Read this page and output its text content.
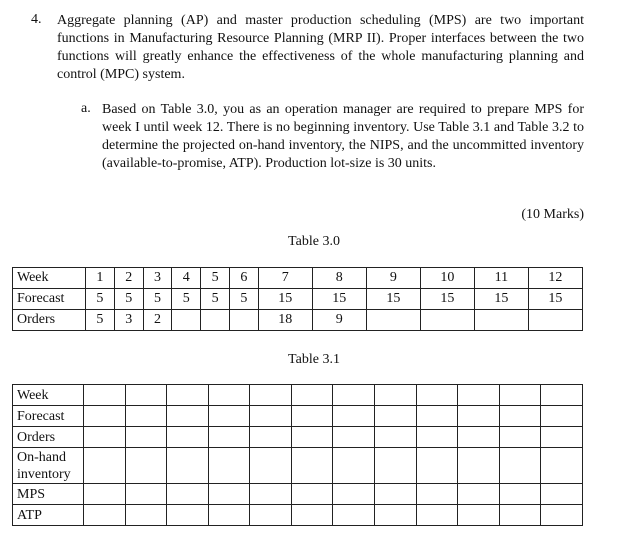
4. Aggregate planning (AP) and master production scheduling (MPS) are two important functions in Manufacturing Resource Planning (MRP II). Proper interfaces between the two functions will greatly enhance the effectiveness of the whole manufacturing planning and control (MPC) system.
a. Based on Table 3.0, you as an operation manager are required to prepare MPS for week I until week 12. There is no beginning inventory. Use Table 3.1 and Table 3.2 to determine the projected on-hand inventory, the NIPS, and the uncommitted inventory (available-to-promise, ATP). Production lot-size is 30 units.
(10 Marks)
Table 3.0
Week	1	2	3	4	5	6	7	8	9	10	11	12
Forecast	5	5	5	5	5	5	15	15	15	15	15	15
Orders	5	3	2				18	9				
Table 3.1
Week												
Forecast												
Orders												
On-hand inventory												
MPS												
ATP												
